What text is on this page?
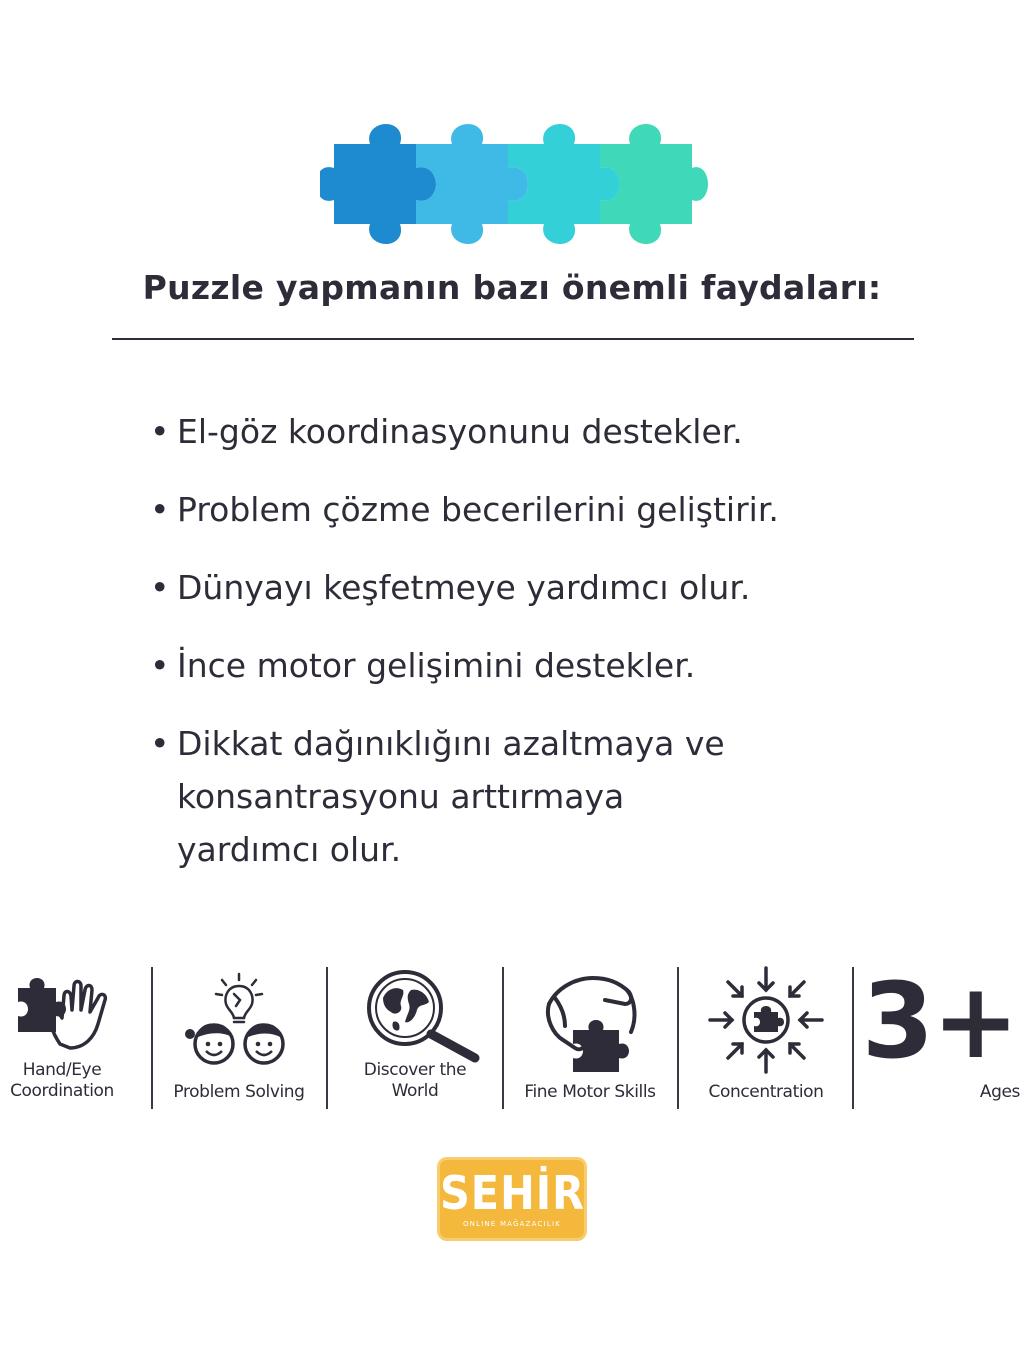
Puzzle yapmanın bazı önemli faydaları:
• El-göz koordinasyonunu destekler.
• Problem çözme becerilerini geliştirir.
• Dünyayı keşfetmeye yardımcı olur.
• İnce motor gelişimini destekler.
• Dikkat dağınıklığını azaltmaya ve
konsantrasyonu arttırmaya
yardımcı olur.
Hand/Eye
Coordination	Problem Solving
Discover the
World	Fine Motor Skills	Concentration
3+
Ages
SEHİR
ONLINE MAĞAZACILIK
